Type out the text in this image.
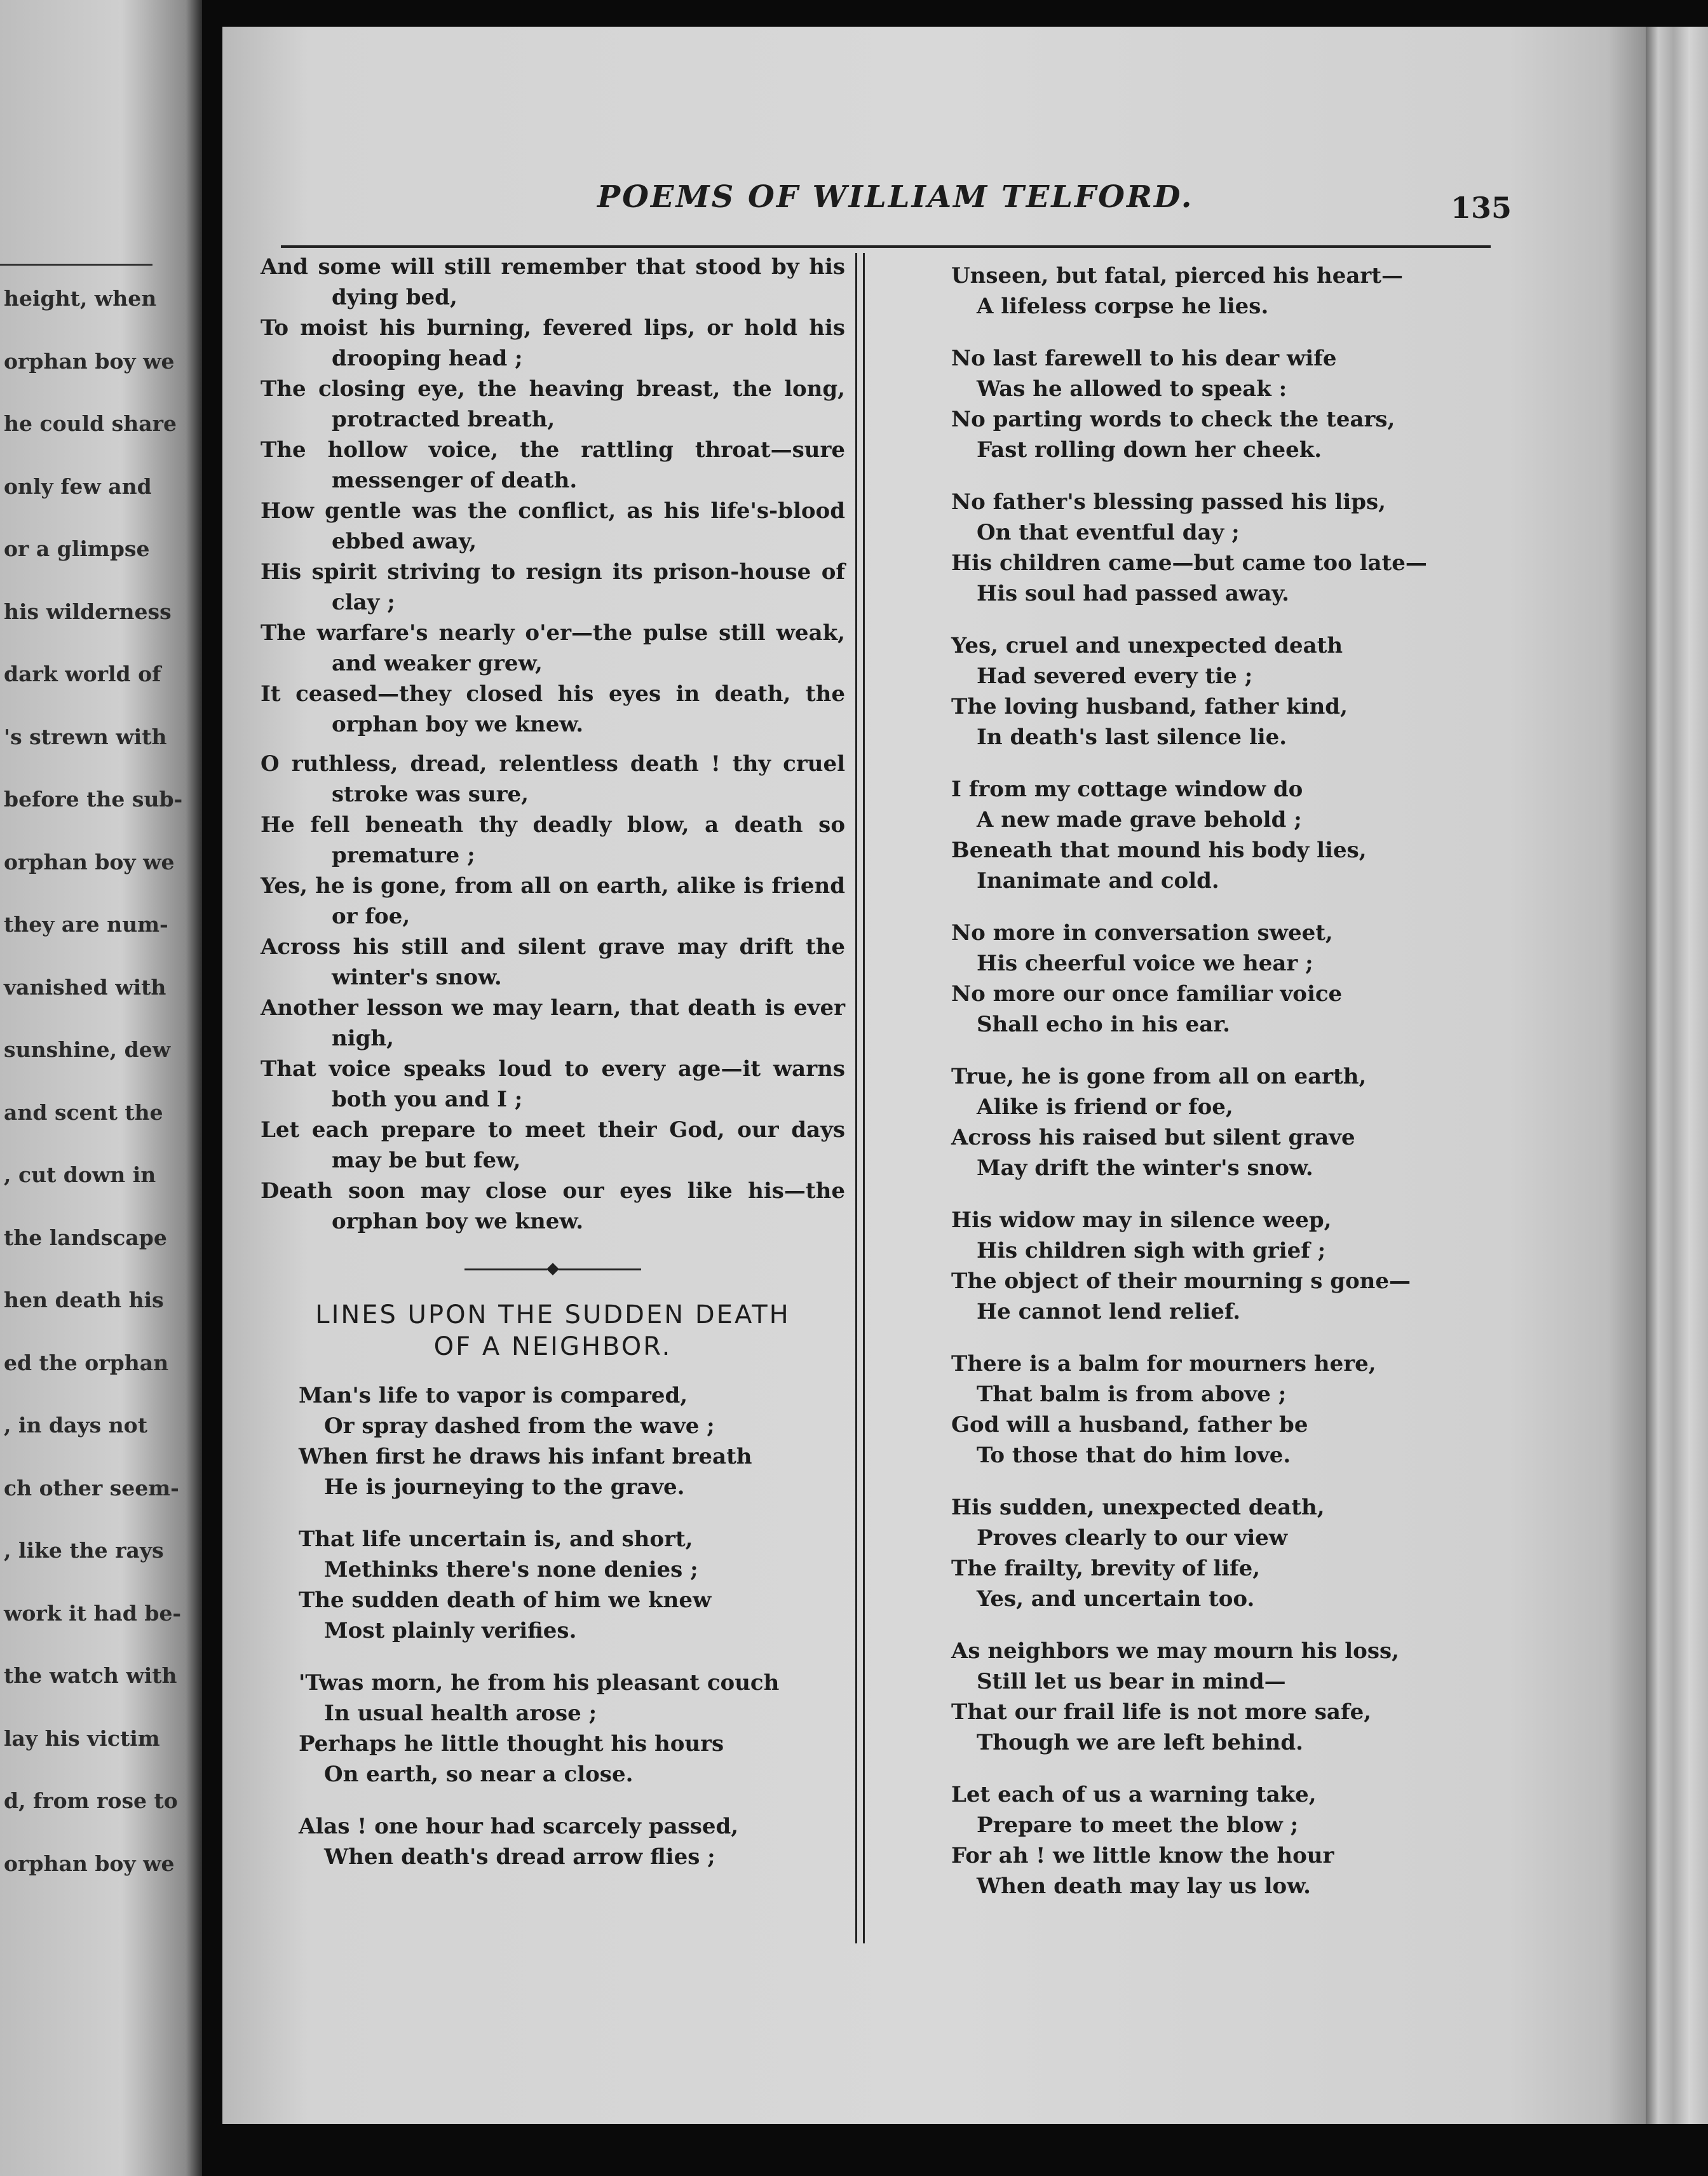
height, when
orphan boy we
he could share
only few and
or a glimpse
his wilderness
dark world of
's strewn with
before the sub-
orphan boy we
they are num-
vanished with
sunshine, dew
and scent the
, cut down in
the landscape
hen death his
ed the orphan
, in days not
ch other seem-
, like the rays
work it had be-
the watch with
lay his victim
d, from rose to
orphan boy we
POEMS OF WILLIAM TELFORD.	135

And some will still remember that stood by his dying bed,

To moist his burning, fevered lips, or hold his drooping head ;

The closing eye, the heaving breast, the long, protracted breath,

The hollow voice, the rattling throat—sure messenger of death.

How gentle was the conflict, as his life's-blood ebbed away,

His spirit striving to resign its prison-house of clay ;

The warfare's nearly o'er—the pulse still weak, and weaker grew,

It ceased—they closed his eyes in death, the orphan boy we knew.

O ruthless, dread, relentless death ! thy cruel stroke was sure,

He fell beneath thy deadly blow, a death so premature ;

Yes, he is gone, from all on earth, alike is friend or foe,

Across his still and silent grave may drift the winter's snow.

Another lesson we may learn, that death is ever nigh,

That voice speaks loud to every age—it warns both you and I ;

Let each prepare to meet their God, our days may be but few,

Death soon may close our eyes like his—the orphan boy we knew.

LINES UPON THE SUDDEN DEATH
OF A NEIGHBOR.
Man's life to vapor is compared,
Or spray dashed from the wave ;
When first he draws his infant breath
He is journeying to the grave.
That life uncertain is, and short,
Methinks there's none denies ;
The sudden death of him we knew
Most plainly verifies.
'Twas morn, he from his pleasant couch
In usual health arose ;
Perhaps he little thought his hours
On earth, so near a close.
Alas ! one hour had scarcely passed,
When death's dread arrow flies ;
Unseen, but fatal, pierced his heart—
A lifeless corpse he lies.
No last farewell to his dear wife
Was he allowed to speak :
No parting words to check the tears,
Fast rolling down her cheek.
No father's blessing passed his lips,
On that eventful day ;
His children came—but came too late—
His soul had passed away.
Yes, cruel and unexpected death
Had severed every tie ;
The loving husband, father kind,
In death's last silence lie.
I from my cottage window do
A new made grave behold ;
Beneath that mound his body lies,
Inanimate and cold.
No more in conversation sweet,
His cheerful voice we hear ;
No more our once familiar voice
Shall echo in his ear.
True, he is gone from all on earth,
Alike is friend or foe,
Across his raised but silent grave
May drift the winter's snow.
His widow may in silence weep,
His children sigh with grief ;
The object of their mourning s gone—
He cannot lend relief.
There is a balm for mourners here,
That balm is from above ;
God will a husband, father be
To those that do him love.
His sudden, unexpected death,
Proves clearly to our view
The frailty, brevity of life,
Yes, and uncertain too.
As neighbors we may mourn his loss,
Still let us bear in mind—
That our frail life is not more safe,
Though we are left behind.
Let each of us a warning take,
Prepare to meet the blow ;
For ah ! we little know the hour
When death may lay us low.
